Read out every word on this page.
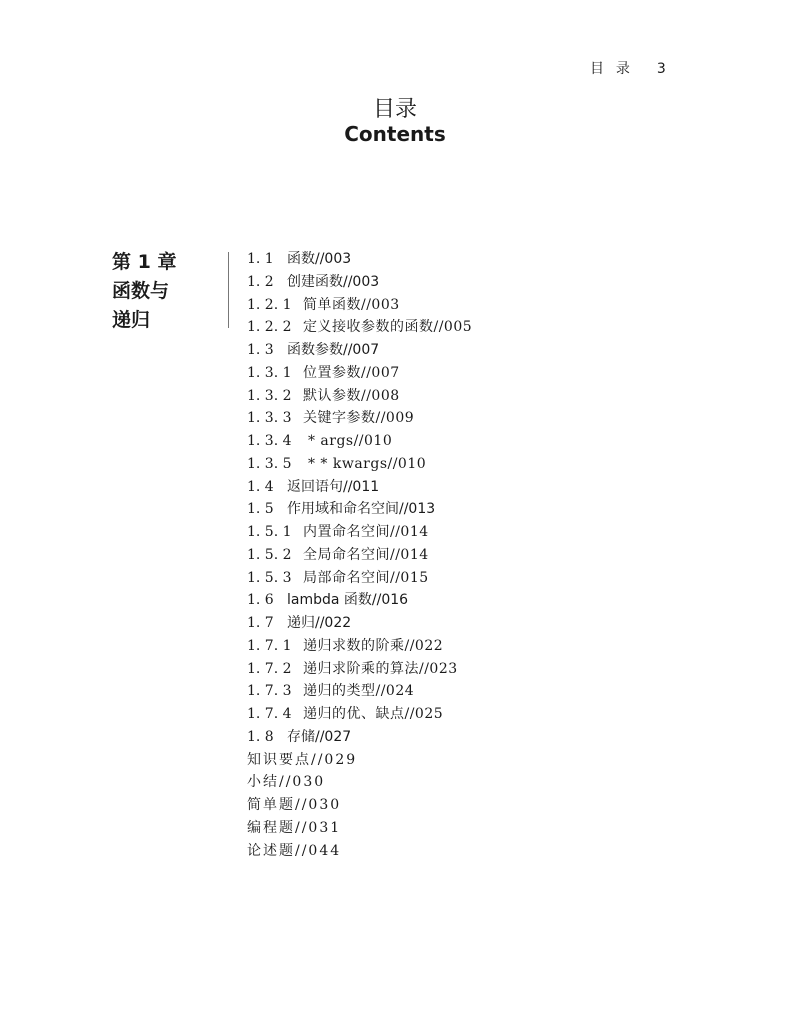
目  录 3
目录
Contents
第 1 章
函数与
递归
1. 1 函数//003
1. 2 创建函数//003
1. 2. 1 简单函数//003
1. 2. 2 定义接收参数的函数//005
1. 3 函数参数//007
1. 3. 1 位置参数//007
1. 3. 2 默认参数//008
1. 3. 3 关键字参数//009
1. 3. 4 * args//010
1. 3. 5 * * kwargs//010
1. 4 返回语句//011
1. 5 作用域和命名空间//013
1. 5. 1 内置命名空间//014
1. 5. 2 全局命名空间//014
1. 5. 3 局部命名空间//015
1. 6 lambda 函数//016
1. 7 递归//022
1. 7. 1 递归求数的阶乘//022
1. 7. 2 递归求阶乘的算法//023
1. 7. 3 递归的类型//024
1. 7. 4 递归的优、缺点//025
1. 8 存储//027
知识要点//029
小结//030
简单题//030
编程题//031
论述题//044
